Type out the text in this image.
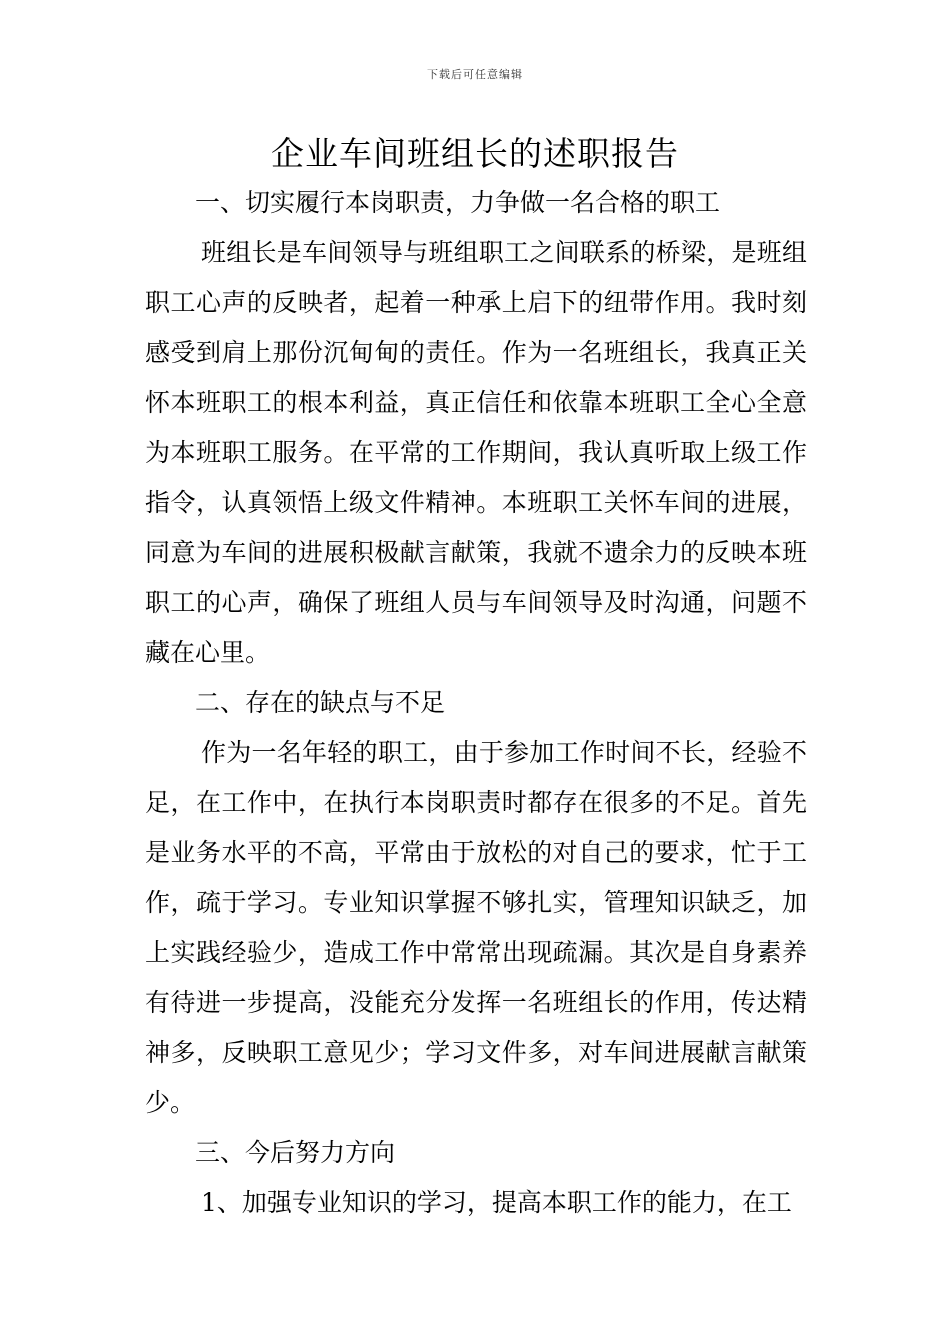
下载后可任意编辑
企业车间班组长的述职报告

一、切实履行本岗职责，力争做一名合格的职工

班组长是车间领导与班组职工之间联系的桥梁，是班组职工心声的反映者，起着一种承上启下的纽带作用。我时刻感受到肩上那份沉甸甸的责任。作为一名班组长，我真正关怀本班职工的根本利益，真正信任和依靠本班职工全心全意为本班职工服务。在平常的工作期间，我认真听取上级工作指令，认真领悟上级文件精神。本班职工关怀车间的进展，同意为车间的进展积极献言献策，我就不遗余力的反映本班职工的心声，确保了班组人员与车间领导及时沟通，问题不藏在心里。

二、存在的缺点与不足

作为一名年轻的职工，由于参加工作时间不长，经验不足，在工作中，在执行本岗职责时都存在很多的不足。首先是业务水平的不高，平常由于放松的对自己的要求，忙于工作，疏于学习。专业知识掌握不够扎实，管理知识缺乏，加上实践经验少，造成工作中常常出现疏漏。其次是自身素养有待进一步提高，没能充分发挥一名班组长的作用，传达精神多，反映职工意见少；学习文件多，对车间进展献言献策少。

三、今后努力方向

1、加强专业知识的学习，提高本职工作的能力，在工
